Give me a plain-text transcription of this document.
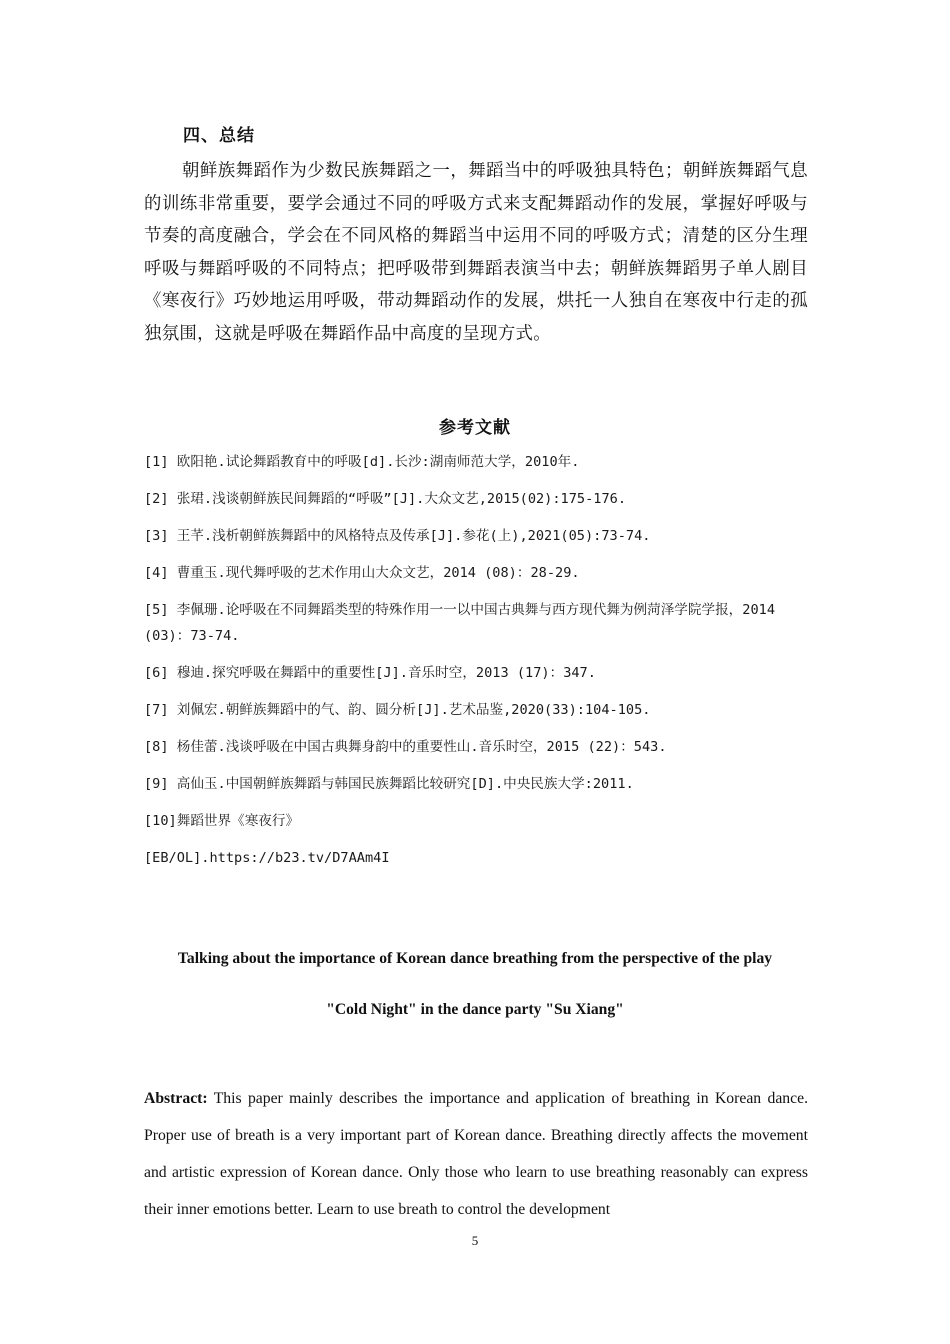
四、总结

朝鲜族舞蹈作为少数民族舞蹈之一，舞蹈当中的呼吸独具特色；朝鲜族舞蹈气息的训练非常重要，要学会通过不同的呼吸方式来支配舞蹈动作的发展，掌握好呼吸与节奏的高度融合，学会在不同风格的舞蹈当中运用不同的呼吸方式；清楚的区分生理呼吸与舞蹈呼吸的不同特点；把呼吸带到舞蹈表演当中去；朝鲜族舞蹈男子单人剧目《寒夜行》巧妙地运用呼吸，带动舞蹈动作的发展，烘托一人独自在寒夜中行走的孤独氛围，这就是呼吸在舞蹈作品中高度的呈现方式。

参考文献
[1] 欧阳艳.试论舞蹈教育中的呼吸[d].长沙:湖南师范大学，2010年.
[2] 张珺.浅谈朝鲜族民间舞蹈的“呼吸”[J].大众文艺,2015(02):175-176.
[3] 王芊.浅析朝鲜族舞蹈中的风格特点及传承[J].参花(上),2021(05):73-74.
[4] 曹重玉.现代舞呼吸的艺术作用山大众文艺，2014 (08)：28-29.
[5] 李佩珊.论呼吸在不同舞蹈类型的特殊作用一一以中国古典舞与西方现代舞为例菏泽学院学报，2014 (03)：73-74.
[6] 穆迪.探究呼吸在舞蹈中的重要性[J].音乐时空，2013 (17)：347.
[7] 刘佩宏.朝鲜族舞蹈中的气、韵、圆分析[J].艺术品鉴,2020(33):104-105.
[8] 杨佳蕾.浅谈呼吸在中国古典舞身韵中的重要性山.音乐时空，2015 (22)：543.
[9] 高仙玉.中国朝鲜族舞蹈与韩国民族舞蹈比较研究[D].中央民族大学:2011.
[10]舞蹈世界《寒夜行》
[EB/OL].https://b23.tv/D7AAm4I

Talking about the importance of Korean dance breathing from the perspective of the play

"Cold Night" in the dance party "Su Xiang"

Abstract: This paper mainly describes the importance and application of breathing in Korean dance. Proper use of breath is a very important part of Korean dance. Breathing directly affects the movement and artistic expression of Korean dance. Only those who learn to use breathing reasonably can express their inner emotions better. Learn to use breath to control the development

5
